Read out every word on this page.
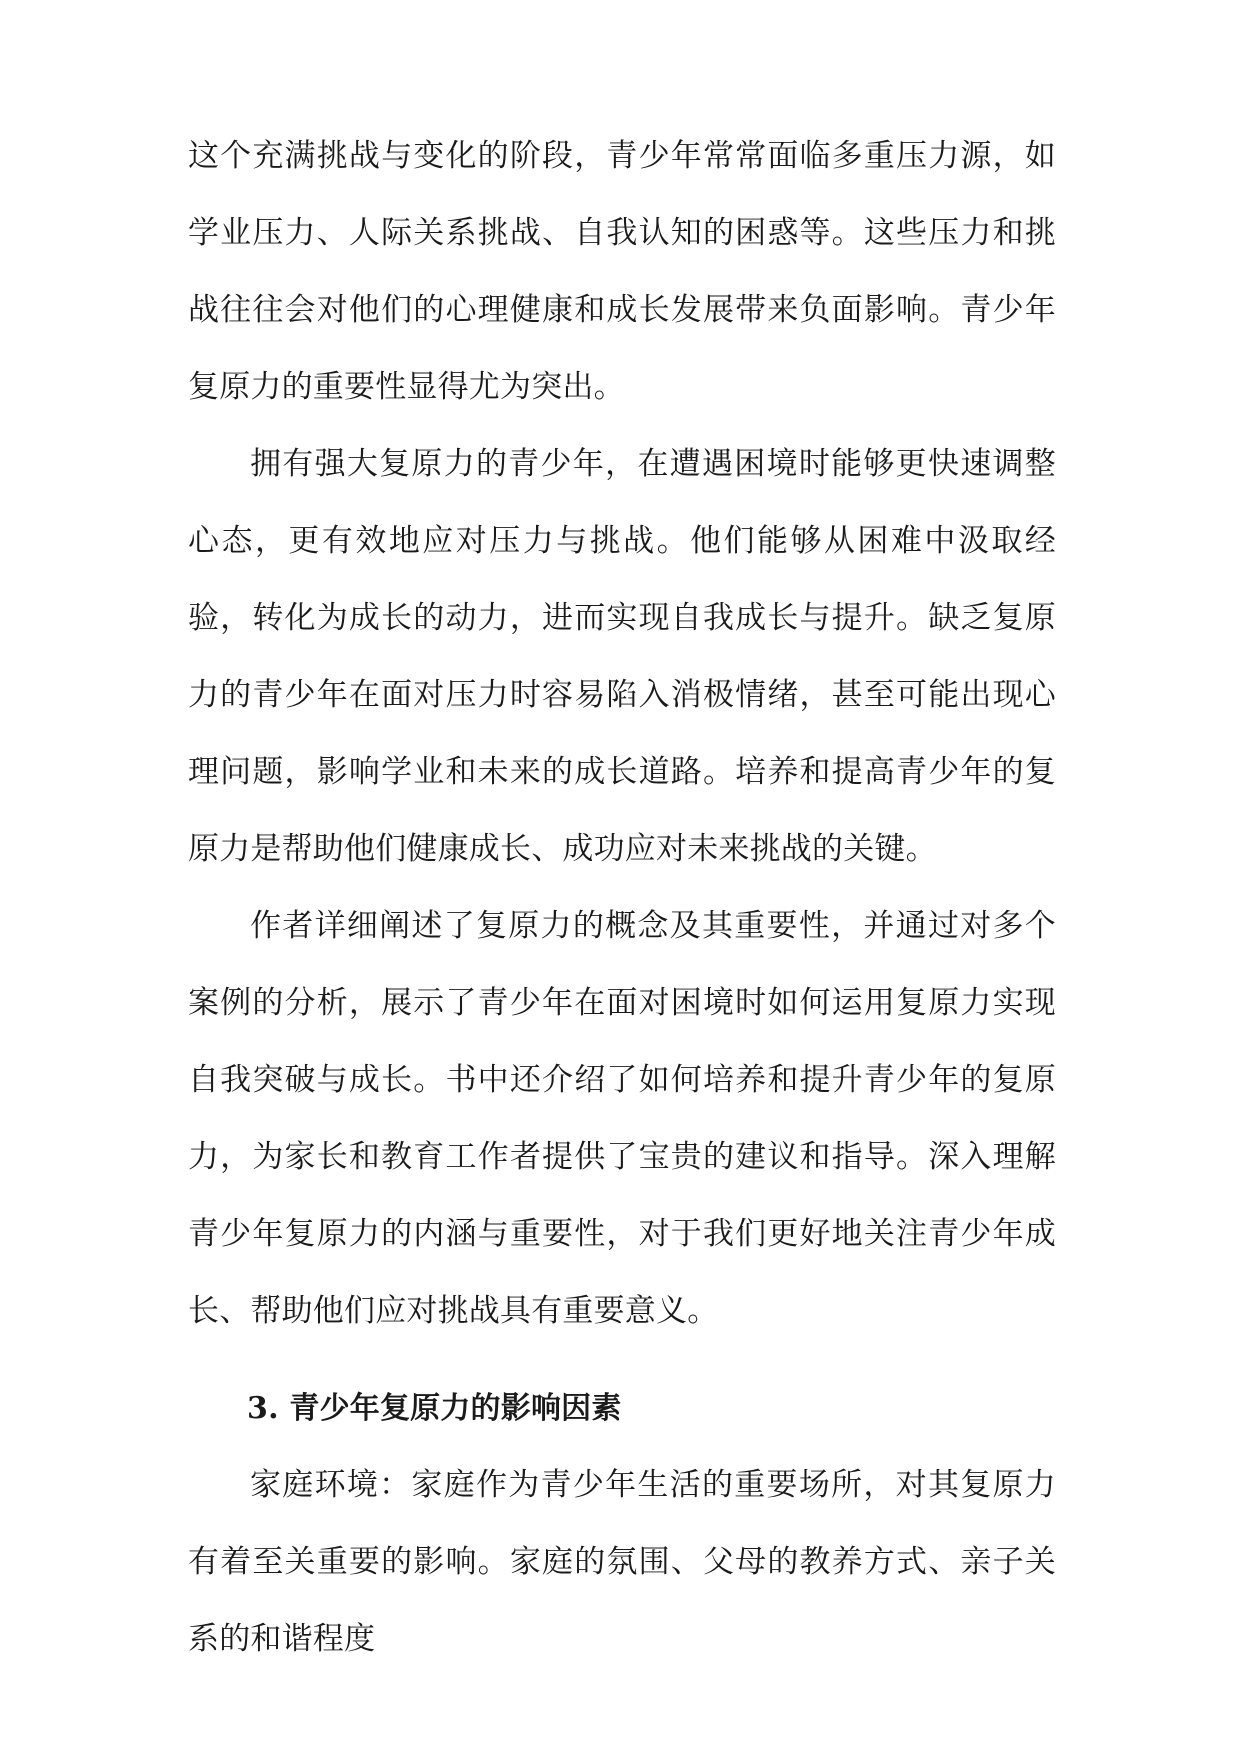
这个充满挑战与变化的阶段，青少年常常面临多重压力源，如学业压力、人际关系挑战、自我认知的困惑等。这些压力和挑战往往会对他们的心理健康和成长发展带来负面影响。青少年复原力的重要性显得尤为突出。

拥有强大复原力的青少年，在遭遇困境时能够更快速调整心态，更有效地应对压力与挑战。他们能够从困难中汲取经验，转化为成长的动力，进而实现自我成长与提升。缺乏复原力的青少年在面对压力时容易陷入消极情绪，甚至可能出现心理问题，影响学业和未来的成长道路。培养和提高青少年的复原力是帮助他们健康成长、成功应对未来挑战的关键。

作者详细阐述了复原力的概念及其重要性，并通过对多个案例的分析，展示了青少年在面对困境时如何运用复原力实现自我突破与成长。书中还介绍了如何培养和提升青少年的复原力，为家长和教育工作者提供了宝贵的建议和指导。深入理解青少年复原力的内涵与重要性，对于我们更好地关注青少年成长、帮助他们应对挑战具有重要意义。

3. 青少年复原力的影响因素

家庭环境：家庭作为青少年生活的重要场所，对其复原力有着至关重要的影响。家庭的氛围、父母的教养方式、亲子关系的和谐程度
